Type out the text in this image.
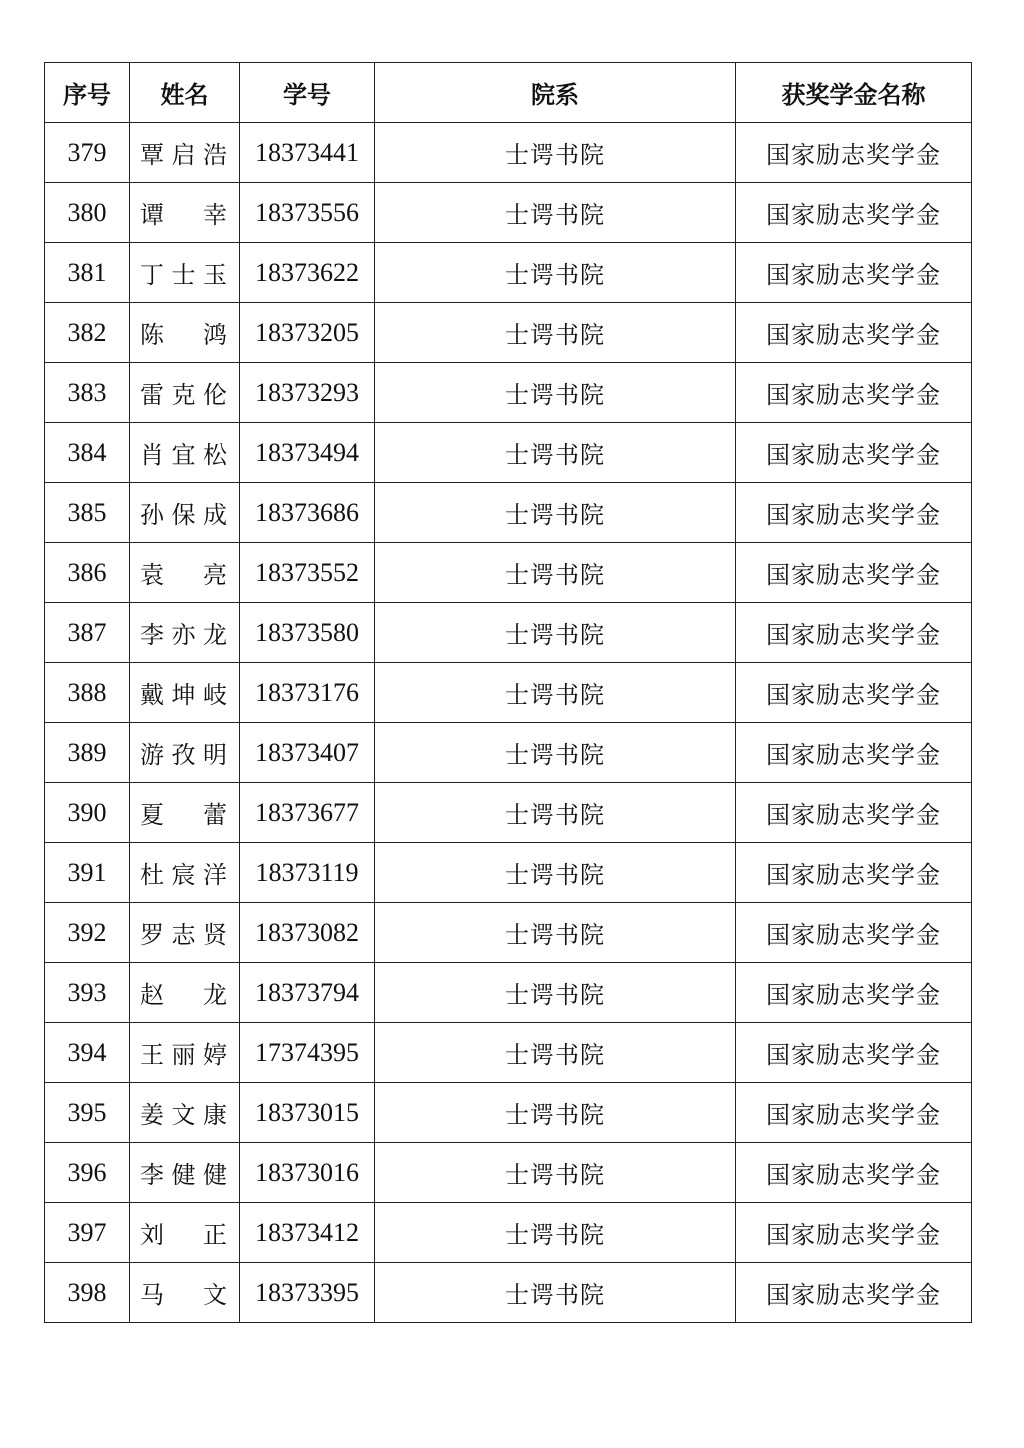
序号	姓名	学号	院系	获奖学金名称
379	覃启浩	18373441	士谔书院	国家励志奖学金
380	谭　幸	18373556	士谔书院	国家励志奖学金
381	丁士玉	18373622	士谔书院	国家励志奖学金
382	陈　鸿	18373205	士谔书院	国家励志奖学金
383	雷克伦	18373293	士谔书院	国家励志奖学金
384	肖宜松	18373494	士谔书院	国家励志奖学金
385	孙保成	18373686	士谔书院	国家励志奖学金
386	袁　亮	18373552	士谔书院	国家励志奖学金
387	李亦龙	18373580	士谔书院	国家励志奖学金
388	戴坤岐	18373176	士谔书院	国家励志奖学金
389	游孜明	18373407	士谔书院	国家励志奖学金
390	夏　蕾	18373677	士谔书院	国家励志奖学金
391	杜宸洋	18373119	士谔书院	国家励志奖学金
392	罗志贤	18373082	士谔书院	国家励志奖学金
393	赵　龙	18373794	士谔书院	国家励志奖学金
394	王丽婷	17374395	士谔书院	国家励志奖学金
395	姜文康	18373015	士谔书院	国家励志奖学金
396	李健健	18373016	士谔书院	国家励志奖学金
397	刘　正	18373412	士谔书院	国家励志奖学金
398	马　文	18373395	士谔书院	国家励志奖学金
